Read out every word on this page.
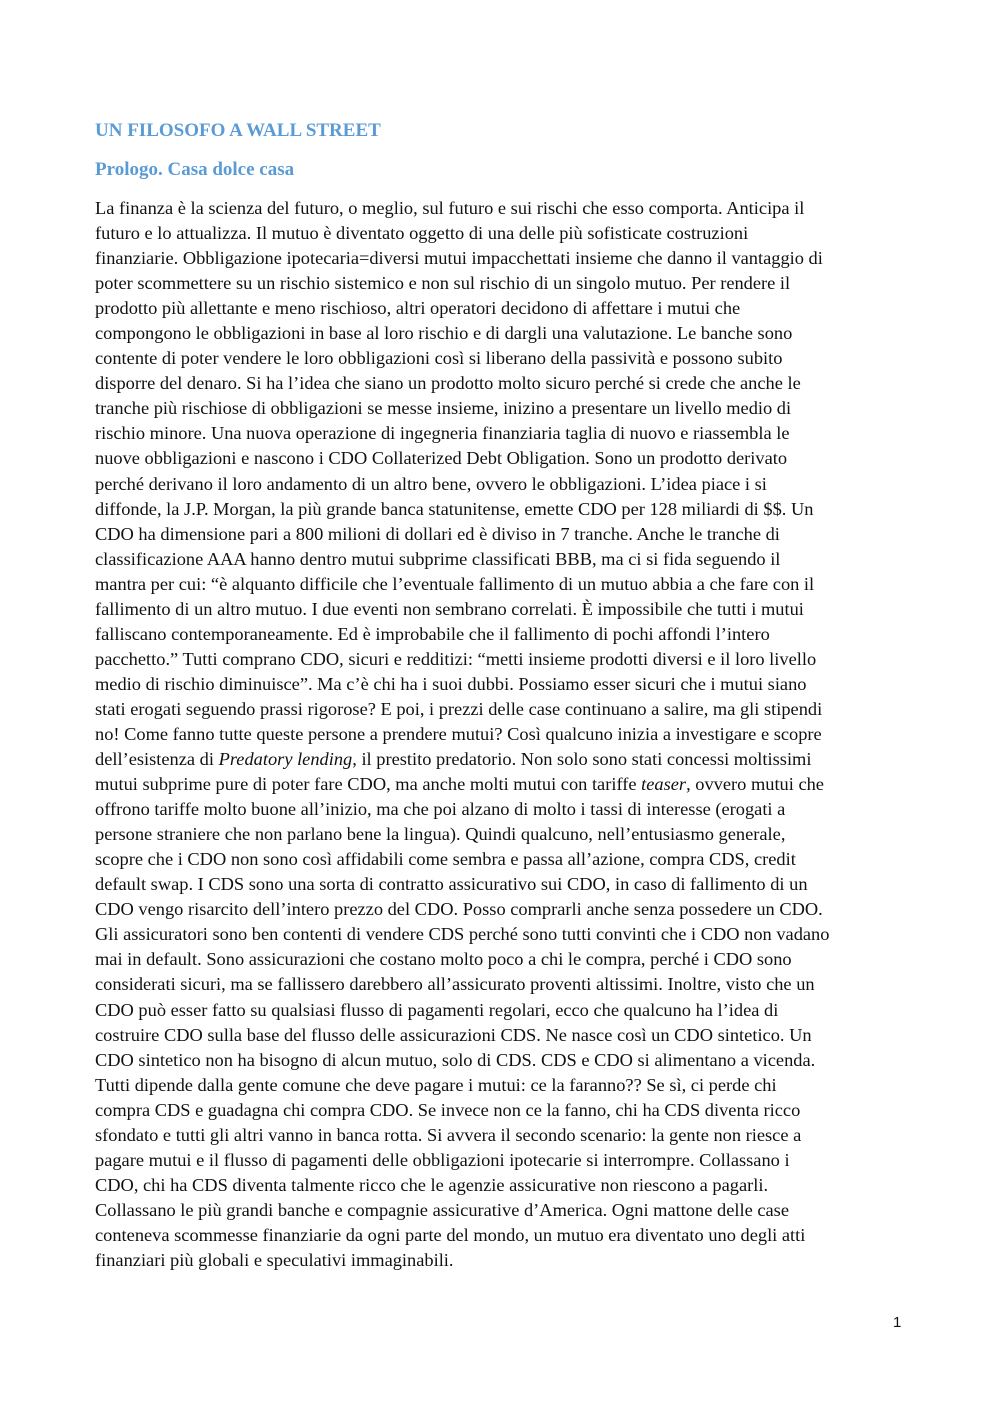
UN FILOSOFO A WALL STREET
Prologo. Casa dolce casa
La finanza è la scienza del futuro, o meglio, sul futuro e sui rischi che esso comporta. Anticipa il
futuro e lo attualizza. Il mutuo è diventato oggetto di una delle più sofisticate costruzioni
finanziarie. Obbligazione ipotecaria=diversi mutui impacchettati insieme che danno il vantaggio di
poter scommettere su un rischio sistemico e non sul rischio di un singolo mutuo. Per rendere il
prodotto più allettante e meno rischioso, altri operatori decidono di affettare i mutui che
compongono le obbligazioni in base al loro rischio e di dargli una valutazione. Le banche sono
contente di poter vendere le loro obbligazioni così si liberano della passività e possono subito
disporre del denaro. Si ha l’idea che siano un prodotto molto sicuro perché si crede che anche le
tranche più rischiose di obbligazioni se messe insieme, inizino a presentare un livello medio di
rischio minore. Una nuova operazione di ingegneria finanziaria taglia di nuovo e riassembla le
nuove obbligazioni e nascono i CDO Collaterized Debt Obligation. Sono un prodotto derivato
perché derivano il loro andamento di un altro bene, ovvero le obbligazioni. L’idea piace i si
diffonde, la J.P. Morgan, la più grande banca statunitense, emette CDO per 128 miliardi di $$. Un
CDO ha dimensione pari a 800 milioni di dollari ed è diviso in 7 tranche. Anche le tranche di
classificazione AAA hanno dentro mutui subprime classificati BBB, ma ci si fida seguendo il
mantra per cui: “è alquanto difficile che l’eventuale fallimento di un mutuo abbia a che fare con il
fallimento di un altro mutuo. I due eventi non sembrano correlati. È impossibile che tutti i mutui
falliscano contemporaneamente. Ed è improbabile che il fallimento di pochi affondi l’intero
pacchetto.” Tutti comprano CDO, sicuri e redditizi: “metti insieme prodotti diversi e il loro livello
medio di rischio diminuisce”. Ma c’è chi ha i suoi dubbi. Possiamo esser sicuri che i mutui siano
stati erogati seguendo prassi rigorose? E poi, i prezzi delle case continuano a salire, ma gli stipendi
no! Come fanno tutte queste persone a prendere mutui? Così qualcuno inizia a investigare e scopre
dell’esistenza di Predatory lending, il prestito predatorio. Non solo sono stati concessi moltissimi
mutui subprime pure di poter fare CDO, ma anche molti mutui con tariffe teaser, ovvero mutui che
offrono tariffe molto buone all’inizio, ma che poi alzano di molto i tassi di interesse (erogati a
persone straniere che non parlano bene la lingua). Quindi qualcuno, nell’entusiasmo generale,
scopre che i CDO non sono così affidabili come sembra e passa all’azione, compra CDS, credit
default swap. I CDS sono una sorta di contratto assicurativo sui CDO, in caso di fallimento di un
CDO vengo risarcito dell’intero prezzo del CDO. Posso comprarli anche senza possedere un CDO.
Gli assicuratori sono ben contenti di vendere CDS perché sono tutti convinti che i CDO non vadano
mai in default. Sono assicurazioni che costano molto poco a chi le compra, perché i CDO sono
considerati sicuri, ma se fallissero darebbero all’assicurato proventi altissimi. Inoltre, visto che un
CDO può esser fatto su qualsiasi flusso di pagamenti regolari, ecco che qualcuno ha l’idea di
costruire CDO sulla base del flusso delle assicurazioni CDS. Ne nasce così un CDO sintetico. Un
CDO sintetico non ha bisogno di alcun mutuo, solo di CDS. CDS e CDO si alimentano a vicenda.
Tutti dipende dalla gente comune che deve pagare i mutui: ce la faranno?? Se sì, ci perde chi
compra CDS e guadagna chi compra CDO. Se invece non ce la fanno, chi ha CDS diventa ricco
sfondato e tutti gli altri vanno in banca rotta. Si avvera il secondo scenario: la gente non riesce a
pagare mutui e il flusso di pagamenti delle obbligazioni ipotecarie si interrompre. Collassano i
CDO, chi ha CDS diventa talmente ricco che le agenzie assicurative non riescono a pagarli.
Collassano le più grandi banche e compagnie assicurative d’America. Ogni mattone delle case
conteneva scommesse finanziarie da ogni parte del mondo, un mutuo era diventato uno degli atti
finanziari più globali e speculativi immaginabili.
1
